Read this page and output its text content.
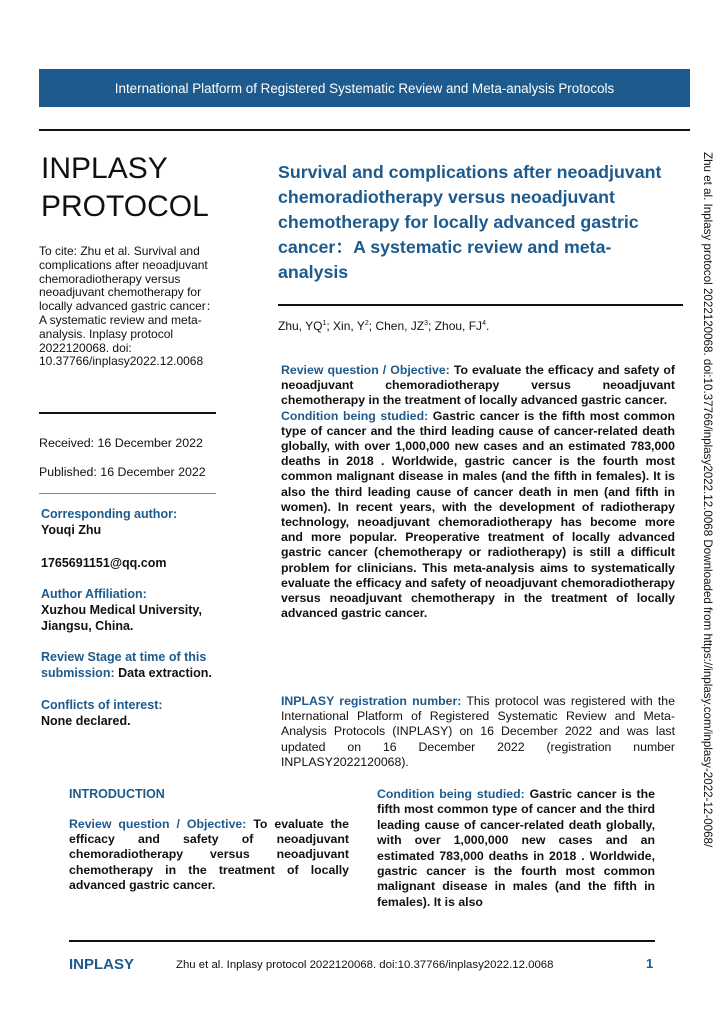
International Platform of Registered Systematic Review and Meta-analysis Protocols
INPLASY
PROTOCOL
To cite: Zhu et al. Survival and complications after neoadjuvant chemoradiotherapy versus neoadjuvant chemotherapy for locally advanced gastric cancer：A systematic review and meta-analysis. Inplasy protocol 2022120068. doi: 10.37766/inplasy2022.12.0068
Received: 16 December 2022
Published: 16 December 2022
Corresponding author:
Youqi Zhu
1765691151@qq.com
Author Affiliation:
Xuzhou Medical University, Jiangsu, China.
Review Stage at time of this submission: Data extraction.
Conflicts of interest:
None declared.
Survival and complications after neoadjuvant chemoradiotherapy versus neoadjuvant chemotherapy for locally advanced gastric cancer：A systematic review and meta-analysis
Zhu, $YQ^1$; Xin, $Y^2$; Chen, $JZ^3$; Zhou, $FJ^4$.
Review question / Objective: To evaluate the efficacy and safety of neoadjuvant chemoradiotherapy versus neoadjuvant chemotherapy in the treatment of locally advanced gastric cancer.
Condition being studied: Gastric cancer is the fifth most common type of cancer and the third leading cause of cancer-related death globally, with over 1,000,000 new cases and an estimated 783,000 deaths in 2018 . Worldwide, gastric cancer is the fourth most common malignant disease in males (and the fifth in females). It is also the third leading cause of cancer death in men (and fifth in women). In recent years, with the development of radiotherapy technology, neoadjuvant chemoradiotherapy has become more and more popular. Preoperative treatment of locally advanced gastric cancer (chemotherapy or radiotherapy) is still a difficult problem for clinicians. This meta-analysis aims to systematically evaluate the efficacy and safety of neoadjuvant chemoradiotherapy versus neoadjuvant chemotherapy in the treatment of locally advanced gastric cancer.
INPLASY registration number: This protocol was registered with the International Platform of Registered Systematic Review and Meta-Analysis Protocols (INPLASY) on 16 December 2022 and was last updated on 16 December 2022 (registration number INPLASY2022120068).
INTRODUCTION
Review question / Objective: To evaluate the efficacy and safety of neoadjuvant chemoradiotherapy versus neoadjuvant chemotherapy in the treatment of locally advanced gastric cancer.
Condition being studied: Gastric cancer is the fifth most common type of cancer and the third leading cause of cancer-related death globally, with over 1,000,000 new cases and an estimated 783,000 deaths in 2018 . Worldwide, gastric cancer is the fourth most common malignant disease in males (and the fifth in females). It is also
Zhu et al. Inplasy protocol 2022120068. doi:10.37766/inplasy2022.12.0068 Downloaded from https://inplasy.com/inplasy-2022-12-0068/
INPLASY	Zhu et al. Inplasy protocol 2022120068. doi:10.37766/inplasy2022.12.0068	1
